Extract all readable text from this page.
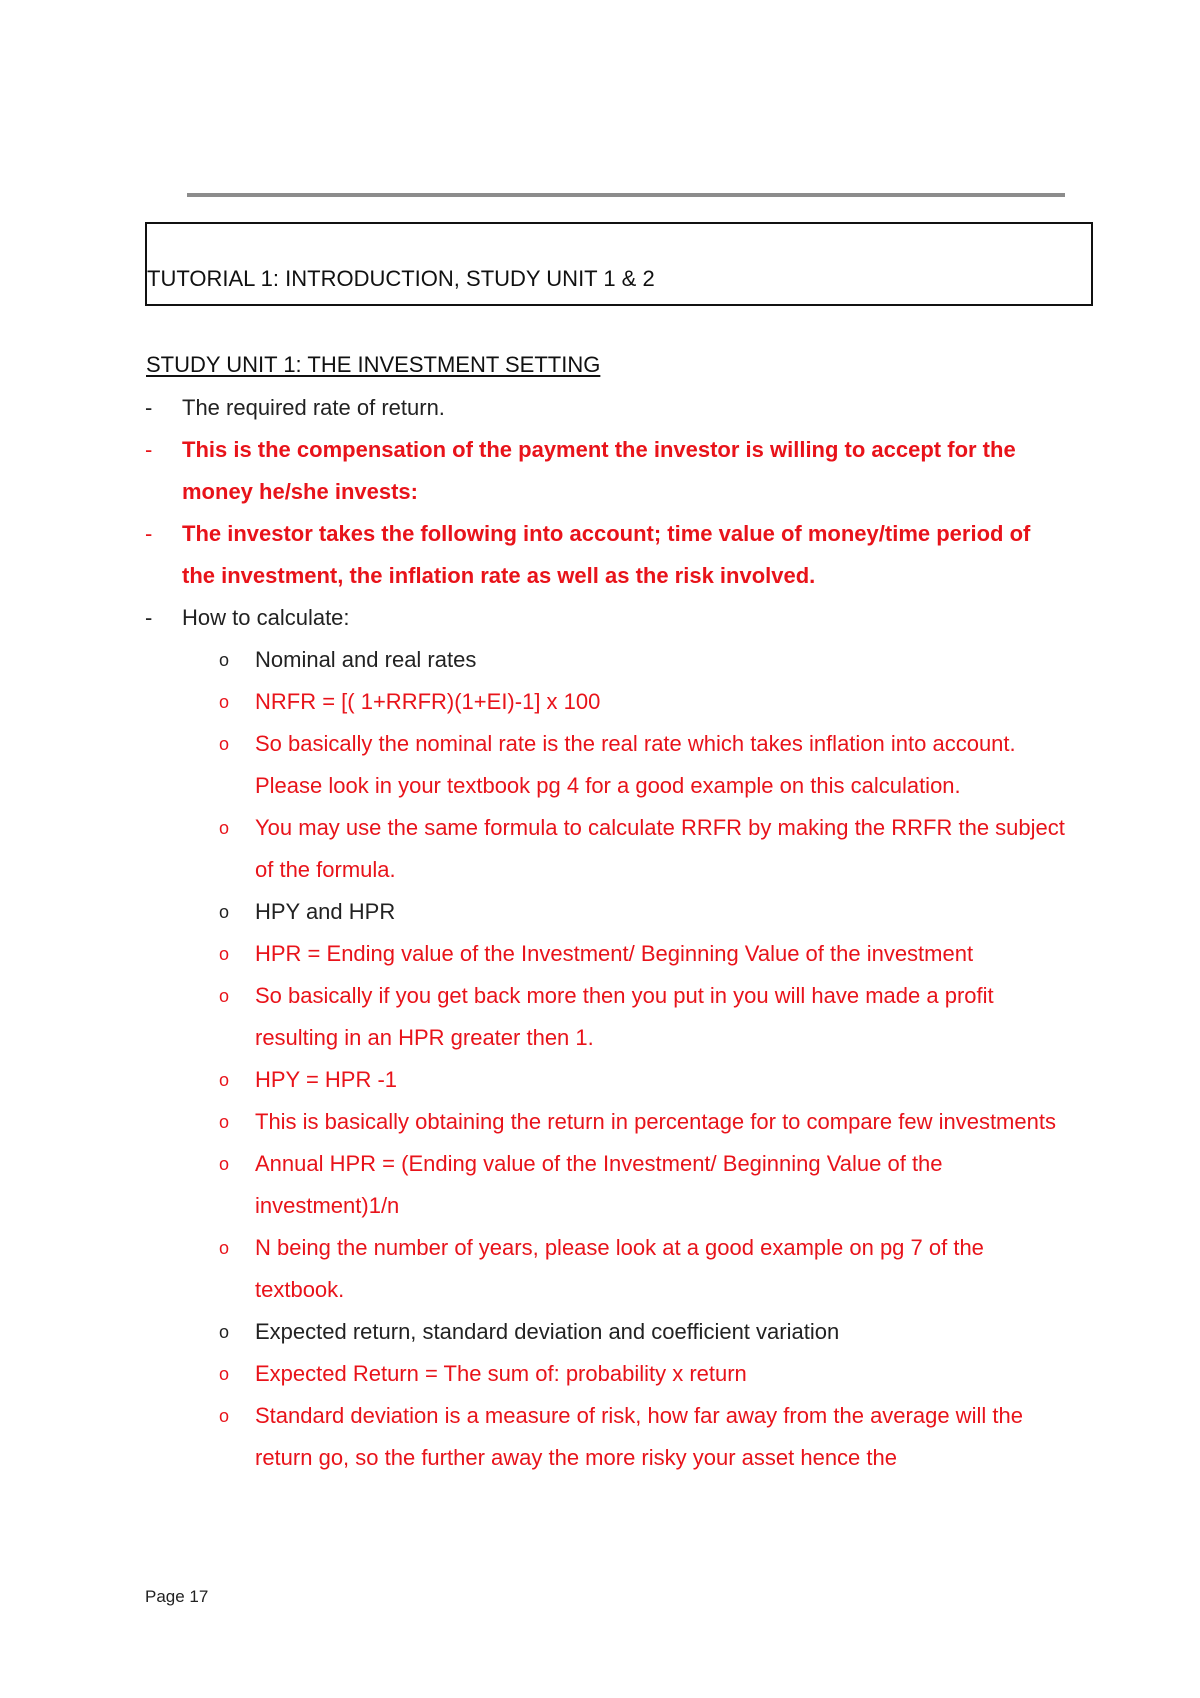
TUTORIAL 1: INTRODUCTION, STUDY UNIT 1 & 2
STUDY UNIT 1: THE INVESTMENT SETTING
- The required rate of return.
- This is the compensation of the payment the investor is willing to accept for the money he/she invests:
- The investor takes the following into account; time value of money/time period of the investment, the inflation rate as well as the risk involved.
- How to calculate:
o Nominal and real rates
o NRFR = [( 1+RRFR)(1+EI)-1] x 100
o So basically the nominal rate is the real rate which takes inflation into account. Please look in your textbook pg 4 for a good example on this calculation.
o You may use the same formula to calculate RRFR by making the RRFR the subject of the formula.
o HPY and HPR
o HPR = Ending value of the Investment/ Beginning Value of the investment
o So basically if you get back more then you put in you will have made a profit resulting in an HPR greater then 1.
o HPY = HPR -1
o This is basically obtaining the return in percentage for to compare few investments
o Annual HPR = (Ending value of the Investment/ Beginning Value of the investment)1/n
o N being the number of years, please look at a good example on pg 7 of the textbook.
o Expected return, standard deviation and coefficient variation
o Expected Return = The sum of: probability x return
o Standard deviation is a measure of risk, how far away from the average will the return go, so the further away the more risky your asset hence the
Page 17
